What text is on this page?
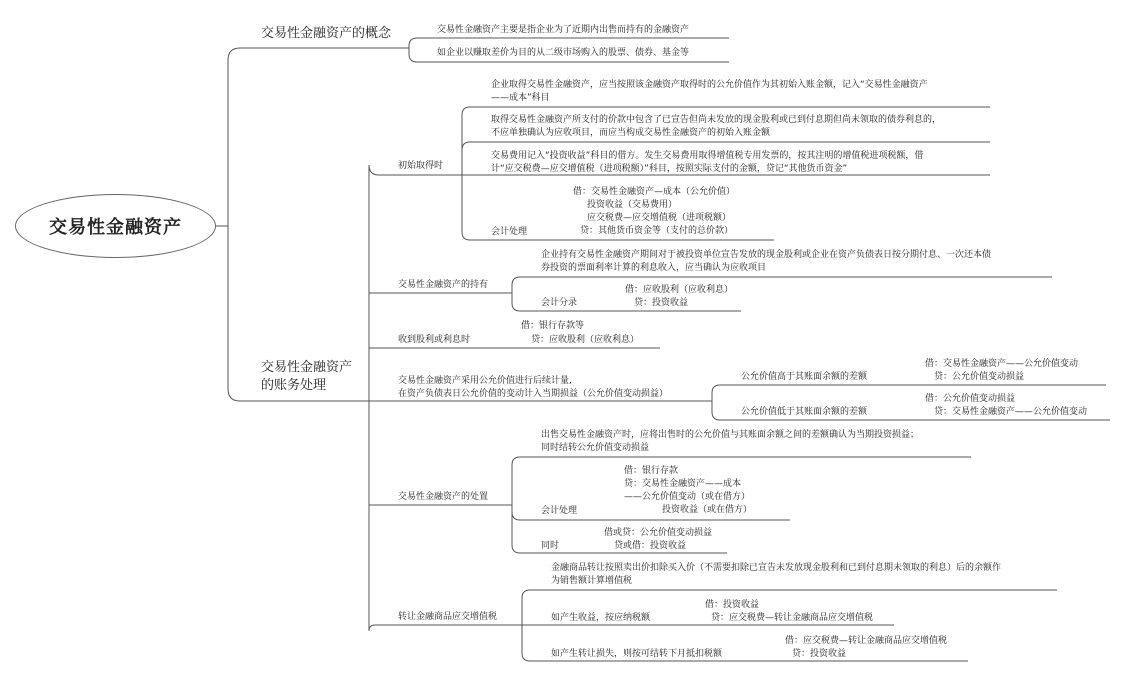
交易性金融资产
交易性金融资产的概念	交易性金融资产主要是指企业为了近期内出售而持有的金融资产
如企业以赚取差价为目的从二级市场购入的股票、债券、基金等
交易性金融资产
的账务处理
初始取得时
企业取得交易性金融资产，应当按照该金融资产取得时的公允价值作为其初始入账金额，记入“交易性金融资产
——成本”科目
取得交易性金融资产所支付的价款中包含了已宣告但尚未发放的现金股利或已到付息期但尚未领取的债券利息的，
不应单独确认为应收项目，而应当构成交易性金融资产的初始入账金额
交易费用记入“投资收益”科目的借方。发生交易费用取得增值税专用发票的，按其注明的增值税进项税额，借
计“应交税费—应交增值税（进项税额）”科目，按照实际支付的金额，贷记“其他货币资金”
会计处理
借：交易性金融资产—成本（公允价值）
投资收益（交易费用）
应交税费—应交增值税（进项税额）
贷：其他货币资金等（支付的总价款）
交易性金融资产的持有
企业持有交易性金融资产期间对于被投资单位宣告发放的现金股利或企业在资产负债表日按分期付息、一次还本债
券投资的票面利率计算的利息收入，应当确认为应收项目
会计分录
借：应收股利（应收利息）
贷：投资收益
收到股利或利息时
借：银行存款等
贷：应收股利（应收利息）
交易性金融资产采用公允价值进行后续计量,
在资产负债表日公允价值的变动计入当期损益（公允价值变动损益）
公允价值高于其账面余额的差额
借：交易性金融资产——公允价值变动
贷：公允价值变动损益
公允价值低于其账面余额的差额
借：公允价值变动损益
贷：交易性金融资产——公允价值变动
交易性金融资产的处置
出售交易性金融资产时，应将出售时的公允价值与其账面余额之间的差额确认为当期投资损益；
同时结转公允价值变动损益
会计处理
借：银行存款
贷：交易性金融资产——成本
——公允价值变动（或在借方）
投资收益（或在借方）
同时
借或贷：公允价值变动损益
贷或借：投资收益
转让金融商品应交增值税
金融商品转让按照卖出价扣除买入价（不需要扣除已宣告未发放现金股利和已到付息期未领取的利息）后的余额作
为销售额计算增值税
如产生收益，按应纳税额
借：投资收益
贷：应交税费—转让金融商品应交增值税
如产生转让损失，则按可结转下月抵扣税额
借：应交税费—转让金融商品应交增值税
贷：投资收益
